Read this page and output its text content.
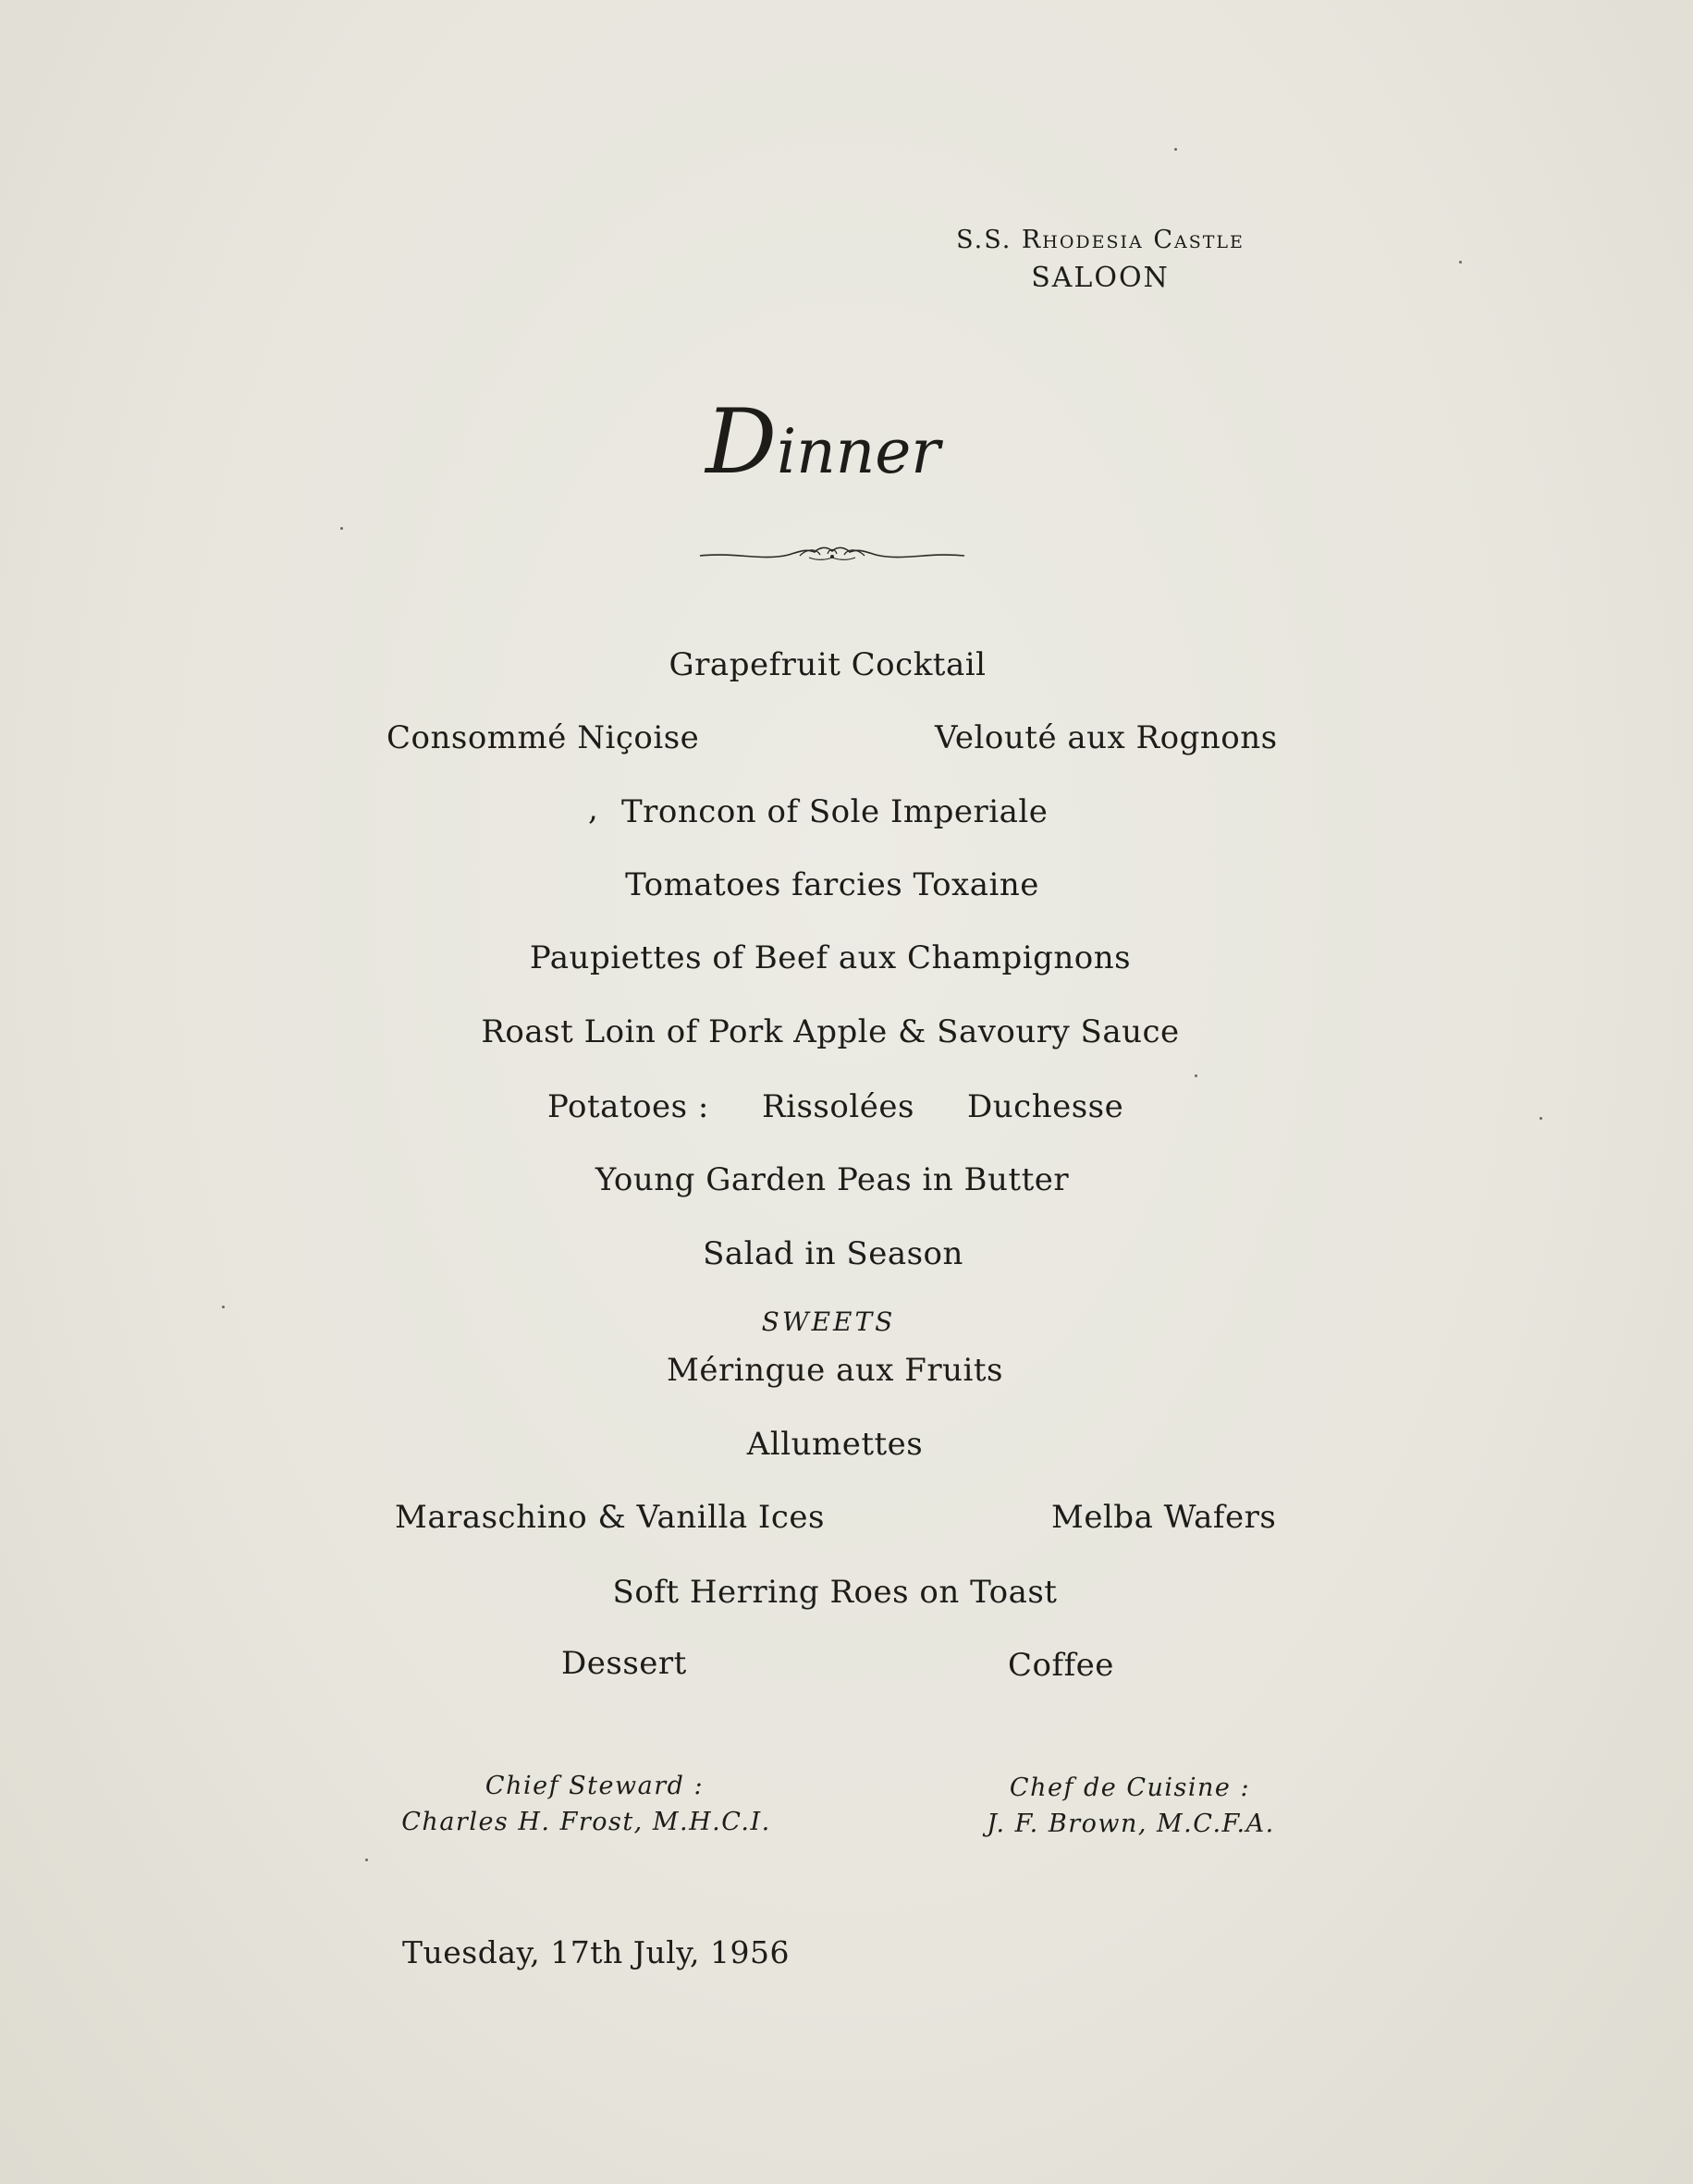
S.S. Rhodesia Castle
SALOON
Dinner
Grapefruit Cocktail
Consommé Niçoise	Velouté aux Rognons
, Troncon of Sole Imperiale
Tomatoes farcies Toxaine
Paupiettes of Beef aux Champignons
Roast Loin of Pork Apple & Savoury Sauce
Potatoes : Rissolées Duchesse
Young Garden Peas in Butter
Salad in Season
SWEETS
Méringue aux Fruits
Allumettes
Maraschino & Vanilla Ices	Melba Wafers
Soft Herring Roes on Toast
Dessert	Coffee
Chief Steward :
Charles H. Frost, M.H.C.I.
Chef de Cuisine :
J. F. Brown, M.C.F.A.
Tuesday, 17th July, 1956
